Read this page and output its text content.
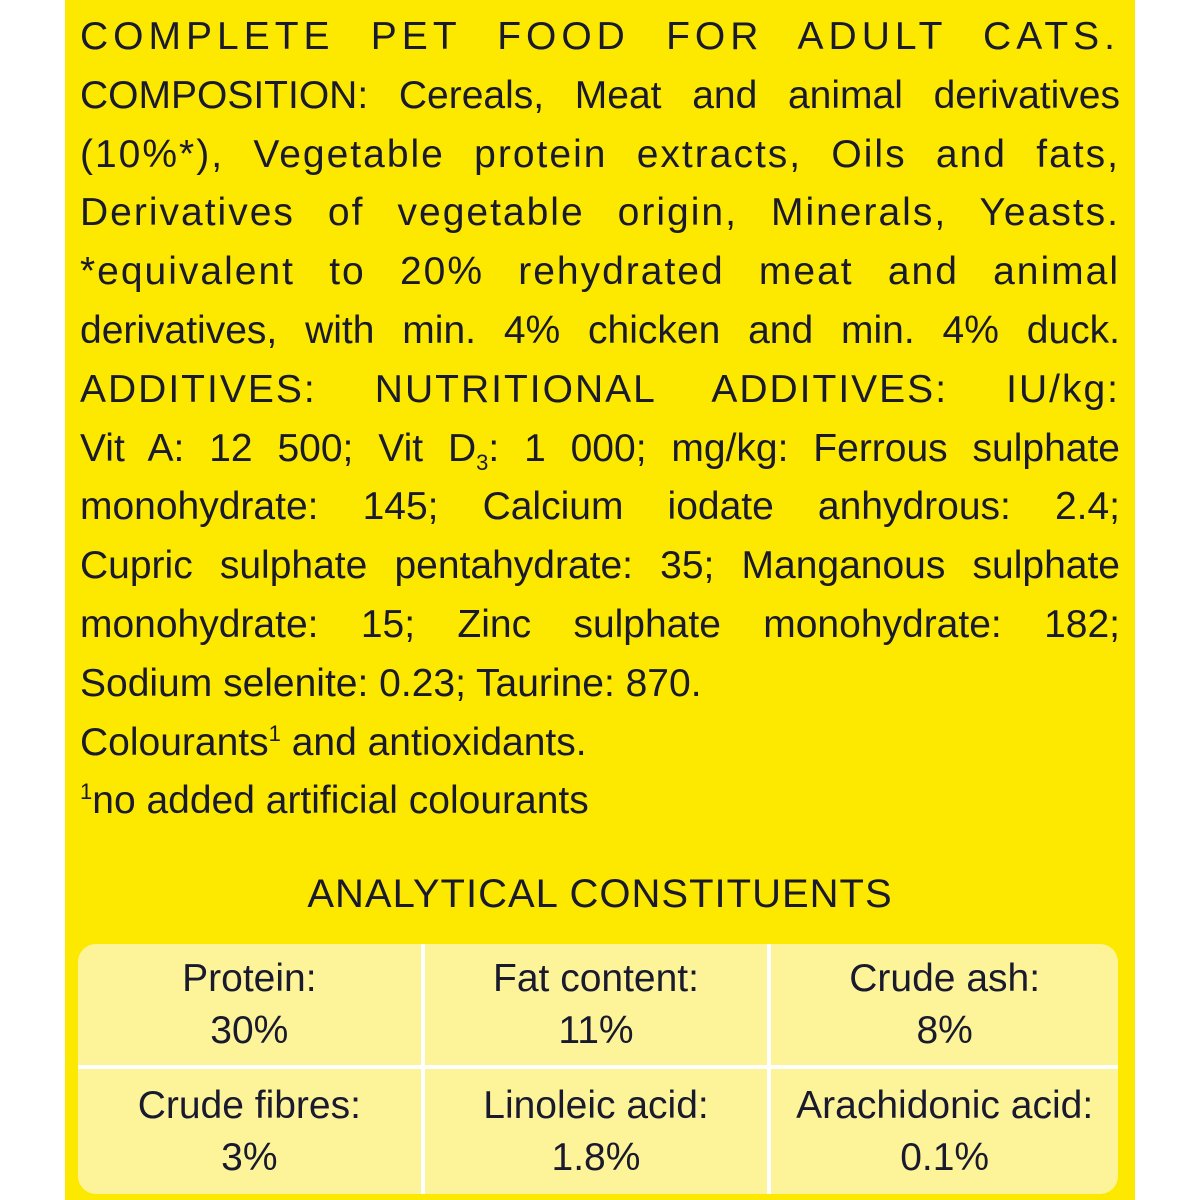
COMPLETE PET FOOD FOR ADULT CATS.
COMPOSITION: Cereals, Meat and animal derivatives
(10%*), Vegetable protein extracts, Oils and fats,
Derivatives of vegetable origin, Minerals, Yeasts.
*equivalent to 20% rehydrated meat and animal
derivatives, with min. 4% chicken and min. 4% duck.
ADDITIVES: NUTRITIONAL ADDITIVES: IU/kg:
Vit A: 12 500; Vit $D_3$: 1 000; mg/kg: Ferrous sulphate
monohydrate: 145; Calcium iodate anhydrous: 2.4;
Cupric sulphate pentahydrate: 35; Manganous sulphate
monohydrate: 15; Zinc sulphate monohydrate: 182;
Sodium selenite: 0.23; Taurine: 870.
Colourants$^1$ and antioxidants.
$^1$no added artificial colourants
ANALYTICAL CONSTITUENTS
Protein:
30%
Fat content:
11%
Crude ash:
8%
Crude fibres:
3%
Linoleic acid:
1.8%
Arachidonic acid:
0.1%
